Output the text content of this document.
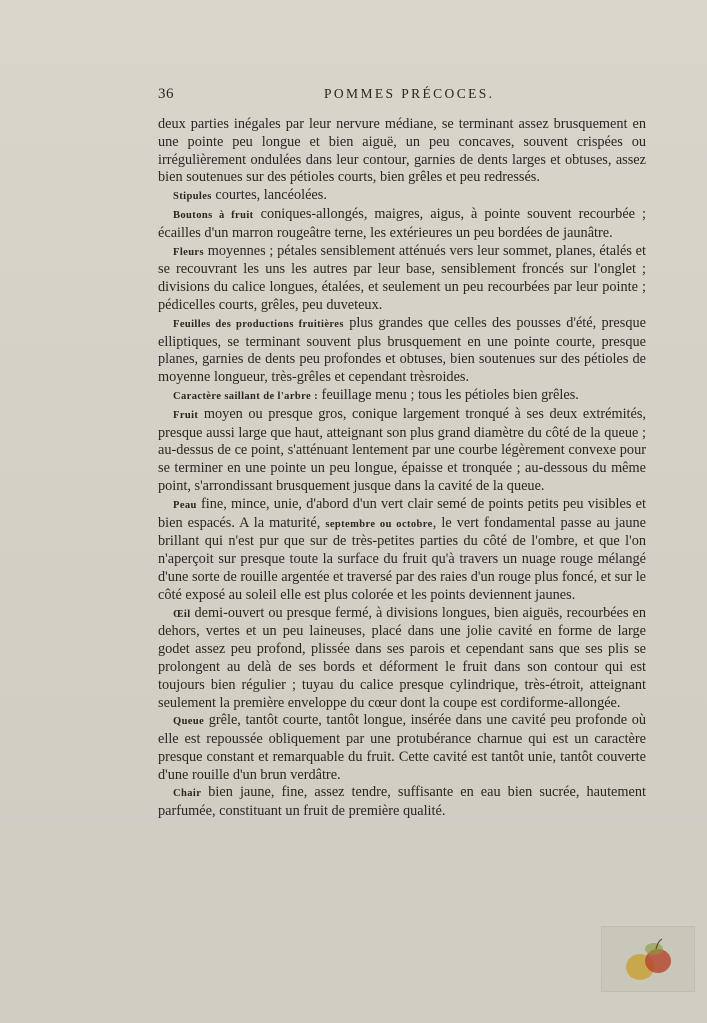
36	POMMES PRÉCOCES.

deux parties inégales par leur nervure médiane, se terminant assez brusquement en une pointe peu longue et bien aiguë, un peu concaves, souvent crispées ou irrégulièrement ondulées dans leur contour, garnies de dents larges et obtuses, assez bien soutenues sur des pétioles courts, bien grêles et peu redressés.

Stipules courtes, lancéolées.

Boutons à fruit coniques-allongés, maigres, aigus, à pointe souvent recourbée ; écailles d'un marron rougeâtre terne, les extérieures un peu bordées de jaunâtre.

Fleurs moyennes ; pétales sensiblement atténués vers leur sommet, planes, étalés et se recouvrant les uns les autres par leur base, sensiblement froncés sur l'onglet ; divisions du calice longues, étalées, et seulement un peu recourbées par leur pointe ; pédicelles courts, grêles, peu duveteux.

Feuilles des productions fruitières plus grandes que celles des pousses d'été, presque elliptiques, se terminant souvent plus brusquement en une pointe courte, presque planes, garnies de dents peu profondes et obtuses, bien soutenues sur des pétioles de moyenne longueur, très-grêles et cependant trèsroides.

Caractère saillant de l'arbre : feuillage menu ; tous les pétioles bien grêles.

Fruit moyen ou presque gros, conique largement tronqué à ses deux extrémités, presque aussi large que haut, atteignant son plus grand diamètre du côté de la queue ; au-dessus de ce point, s'atténuant lentement par une courbe légèrement convexe pour se terminer en une pointe un peu longue, épaisse et tronquée ; au-dessous du même point, s'arrondissant brusquement jusque dans la cavité de la queue.

Peau fine, mince, unie, d'abord d'un vert clair semé de points petits peu visibles et bien espacés. A la maturité, septembre ou octobre, le vert fondamental passe au jaune brillant qui n'est pur que sur de très-petites parties du côté de l'ombre, et que l'on n'aperçoit sur presque toute la surface du fruit qu'à travers un nuage rouge mélangé d'une sorte de rouille argentée et traversé par des raies d'un rouge plus foncé, et sur le côté exposé au soleil elle est plus colorée et les points deviennent jaunes.

Œil demi-ouvert ou presque fermé, à divisions longues, bien aiguës, recourbées en dehors, vertes et un peu laineuses, placé dans une jolie cavité en forme de large godet assez peu profond, plissée dans ses parois et cependant sans que ses plis se prolongent au delà de ses bords et déforment le fruit dans son contour qui est toujours bien régulier ; tuyau du calice presque cylindrique, très-étroit, atteignant seulement la première enveloppe du cœur dont la coupe est cordiforme-allongée.

Queue grêle, tantôt courte, tantôt longue, insérée dans une cavité peu profonde où elle est repoussée obliquement par une protubérance charnue qui est un caractère presque constant et remarquable du fruit. Cette cavité est tantôt unie, tantôt couverte d'une rouille d'un brun verdâtre.

Chair bien jaune, fine, assez tendre, suffisante en eau bien sucrée, hautement parfumée, constituant un fruit de première qualité.
